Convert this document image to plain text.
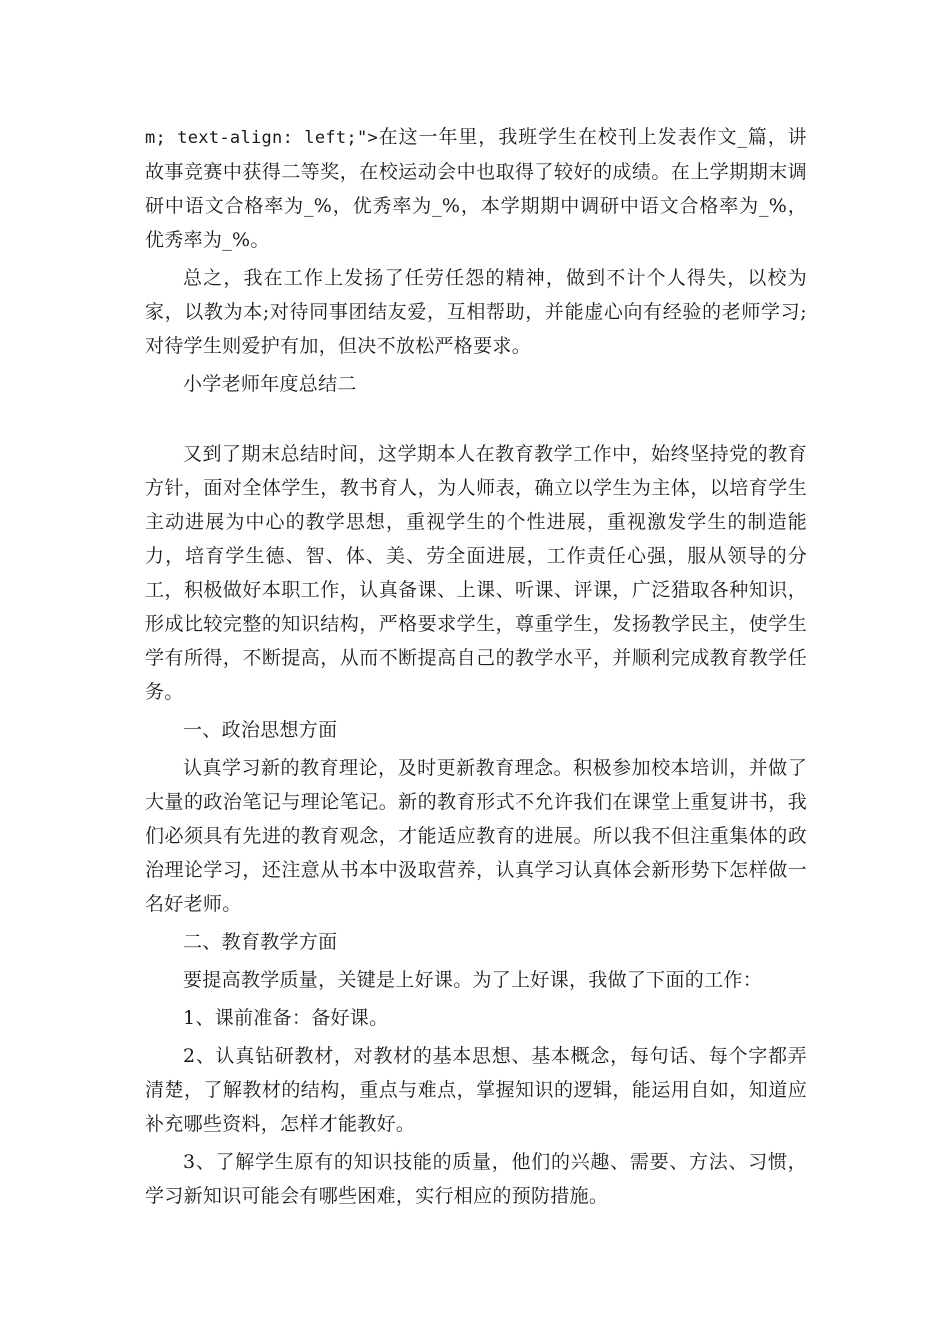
m; text-align: left;">在这一年里，我班学生在校刊上发表作文_篇，讲故事竞赛中获得二等奖，在校运动会中也取得了较好的成绩。在上学期期末调研中语文合格率为_%，优秀率为_%，本学期期中调研中语文合格率为_%，优秀率为_%。

总之，我在工作上发扬了任劳任怨的精神，做到不计个人得失，以校为家，以教为本;对待同事团结友爱，互相帮助，并能虚心向有经验的老师学习;对待学生则爱护有加，但决不放松严格要求。

小学老师年度总结二

又到了期末总结时间，这学期本人在教育教学工作中，始终坚持党的教育方针，面对全体学生，教书育人，为人师表，确立以学生为主体，以培育学生主动进展为中心的教学思想，重视学生的个性进展，重视激发学生的制造能力，培育学生德、智、体、美、劳全面进展，工作责任心强，服从领导的分工，积极做好本职工作，认真备课、上课、听课、评课，广泛猎取各种知识，形成比较完整的知识结构，严格要求学生，尊重学生，发扬教学民主，使学生学有所得，不断提高，从而不断提高自己的教学水平，并顺利完成教育教学任务。

一、政治思想方面

认真学习新的教育理论，及时更新教育理念。积极参加校本培训，并做了大量的政治笔记与理论笔记。新的教育形式不允许我们在课堂上重复讲书，我们必须具有先进的教育观念，才能适应教育的进展。所以我不但注重集体的政治理论学习，还注意从书本中汲取营养，认真学习认真体会新形势下怎样做一名好老师。

二、教育教学方面

要提高教学质量，关键是上好课。为了上好课，我做了下面的工作：

1、课前准备：备好课。

2、认真钻研教材，对教材的基本思想、基本概念，每句话、每个字都弄清楚，了解教材的结构，重点与难点，掌握知识的逻辑，能运用自如，知道应补充哪些资料，怎样才能教好。

3、了解学生原有的知识技能的质量，他们的兴趣、需要、方法、习惯，学习新知识可能会有哪些困难，实行相应的预防措施。
